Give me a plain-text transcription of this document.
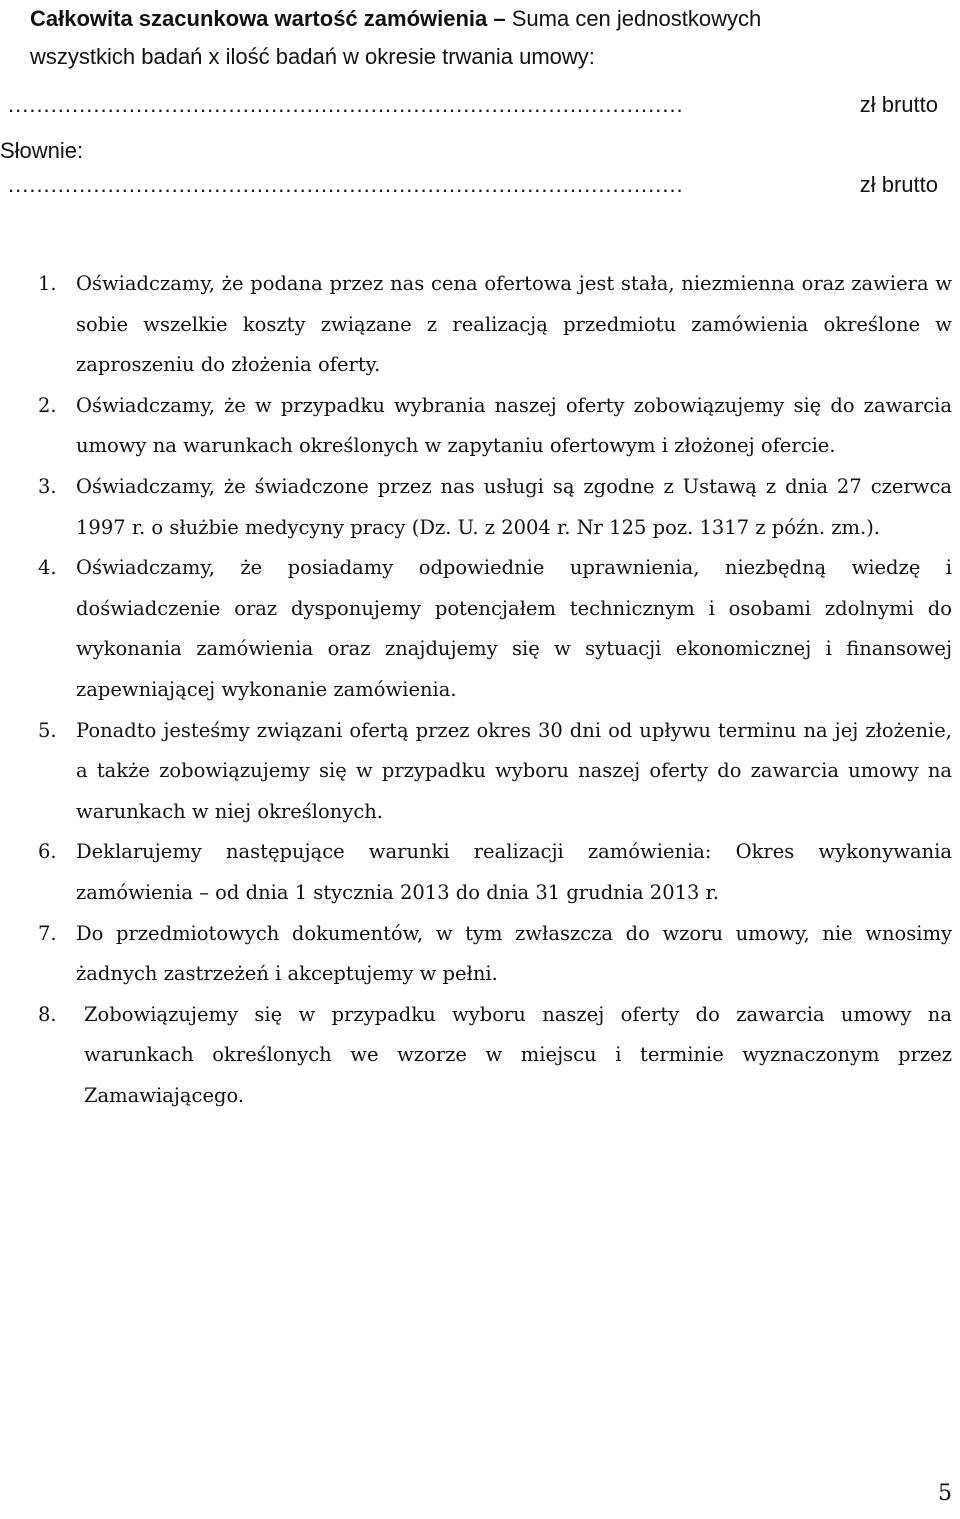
Całkowita szacunkowa wartość zamówienia – Suma cen jednostkowych
wszystkich badań x ilość badań w okresie trwania umowy:
...............................................................................................	zł brutto
Słownie:
...............................................................................................	zł brutto
1. Oświadczamy, że podana przez nas cena ofertowa jest stała, niezmienna oraz zawiera w sobie wszelkie koszty związane z realizacją przedmiotu zamówienia określone w zaproszeniu do złożenia oferty.
2. Oświadczamy, że w przypadku wybrania naszej oferty zobowiązujemy się do zawarcia umowy na warunkach określonych w zapytaniu ofertowym i złożonej ofercie.
3. Oświadczamy, że świadczone przez nas usługi są zgodne z Ustawą z dnia 27 czerwca 1997 r. o służbie medycyny pracy (Dz. U. z 2004 r. Nr 125 poz. 1317 z późn. zm.).
4. Oświadczamy, że posiadamy odpowiednie uprawnienia, niezbędną wiedzę i doświadczenie oraz dysponujemy potencjałem technicznym i osobami zdolnymi do wykonania zamówienia oraz znajdujemy się w sytuacji ekonomicznej i finansowej zapewniającej wykonanie zamówienia.
5. Ponadto jesteśmy związani ofertą przez okres 30 dni od upływu terminu na jej złożenie, a także zobowiązujemy się w przypadku wyboru naszej oferty do zawarcia umowy na warunkach w niej określonych.
6. Deklarujemy następujące warunki realizacji zamówienia: Okres wykonywania zamówienia – od dnia 1 stycznia 2013 do dnia 31 grudnia 2013 r.
7. Do przedmiotowych dokumentów, w tym zwłaszcza do wzoru umowy, nie wnosimy żadnych zastrzeżeń i akceptujemy w pełni.
8.	Zobowiązujemy się w przypadku wyboru naszej oferty do zawarcia umowy na warunkach określonych we wzorze w miejscu i terminie wyznaczonym przez Zamawiającego.
5
